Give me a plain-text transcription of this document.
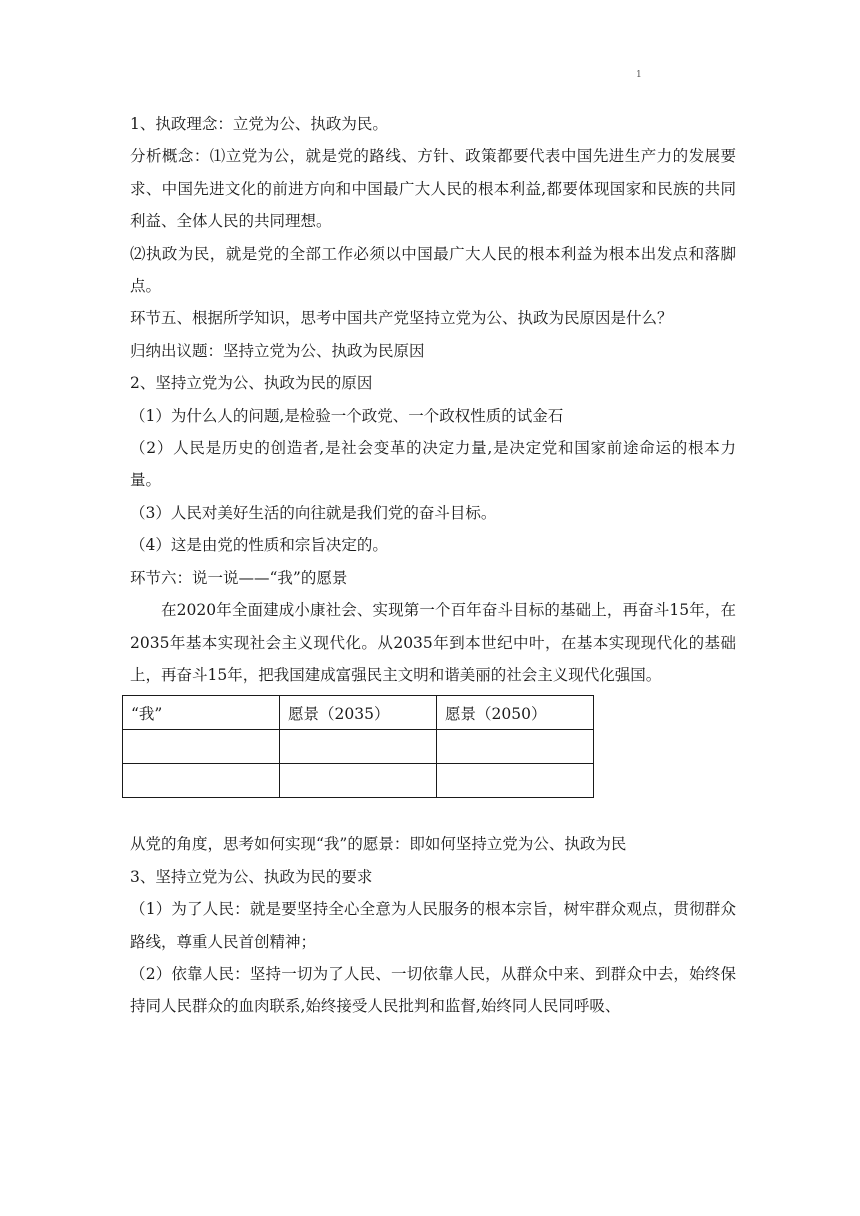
1
1、执政理念：立党为公、执政为民。
分析概念：⑴立党为公，就是党的路线、方针、政策都要代表中国先进生产力的发展要求、中国先进文化的前进方向和中国最广大人民的根本利益,都要体现国家和民族的共同利益、全体人民的共同理想。
⑵执政为民，就是党的全部工作必须以中国最广大人民的根本利益为根本出发点和落脚点。
环节五、根据所学知识，思考中国共产党坚持立党为公、执政为民原因是什么？
归纳出议题：坚持立党为公、执政为民原因
2、坚持立党为公、执政为民的原因
（1）为什么人的问题,是检验一个政党、一个政权性质的试金石
（2）人民是历史的创造者,是社会变革的决定力量,是决定党和国家前途命运的根本力量。
（3）人民对美好生活的向往就是我们党的奋斗目标。
（4）这是由党的性质和宗旨决定的。
环节六：说一说——“我”的愿景
在2020年全面建成小康社会、实现第一个百年奋斗目标的基础上，再奋斗15年，在2035年基本实现社会主义现代化。从2035年到本世纪中叶，在基本实现现代化的基础上，再奋斗15年，把我国建成富强民主文明和谐美丽的社会主义现代化强国。
“我”	愿景（2035）	愿景（2050）

从党的角度，思考如何实现“我”的愿景：即如何坚持立党为公、执政为民
3、坚持立党为公、执政为民的要求
（1）为了人民：就是要坚持全心全意为人民服务的根本宗旨，树牢群众观点，贯彻群众路线，尊重人民首创精神；
（2）依靠人民：坚持一切为了人民、一切依靠人民，从群众中来、到群众中去，始终保持同人民群众的血肉联系,始终接受人民批判和监督,始终同人民同呼吸、
